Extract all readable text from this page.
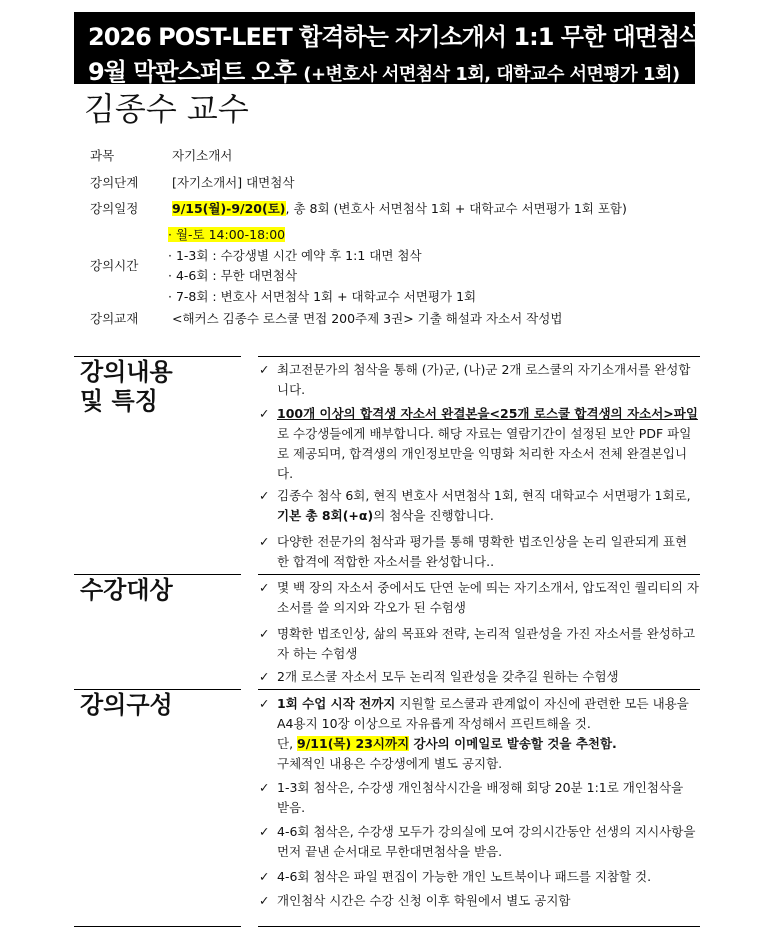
2026 POST-LEET 합격하는 자기소개서 1:1 무한 대면첨삭
9월 막판스퍼트 오후 (+변호사 서면첨삭 1회, 대학교수 서면평가 1회)
김종수 교수
과목	자기소개서
강의단계	[자기소개서] 대면첨삭
강의일정	9/15(월)-9/20(토), 총 8회 (변호사 서면첨삭 1회 + 대학교수 서면평가 1회 포함)
강의시간
· 월-토 14:00-18:00
· 1-3회 : 수강생별 시간 예약 후 1:1 대면 첨삭
· 4-6회 : 무한 대면첨삭
· 7-8회 : 변호사 서면첨삭 1회 + 대학교수 서면평가 1회
강의교재	<해커스 김종수 로스쿨 면접 200주제 3권> 기출 해설과 자소서 작성법
강의내용
및 특징
✓ 최고전문가의 첨삭을 통해 (가)군, (나)군 2개 로스쿨의 자기소개서를 완성합니다.
✓ 100개 이상의 합격생 자소서 완결본을<25개 로스쿨 합격생의 자소서>파일로 수강생들에게 배부합니다. 해당 자료는 열람기간이 설정된 보안 PDF 파일로 제공되며, 합격생의 개인정보만을 익명화 처리한 자소서 전체 완결본입니다.
✓ 김종수 첨삭 6회, 현직 변호사 서면첨삭 1회, 현직 대학교수 서면평가 1회로, 기본 총 8회(+α)의 첨삭을 진행합니다.
✓ 다양한 전문가의 첨삭과 평가를 통해 명확한 법조인상을 논리 일관되게 표현한 합격에 적합한 자소서를 완성합니다..
수강대상	✓ 몇 백 장의 자소서 중에서도 단연 눈에 띄는 자기소개서, 압도적인 퀄리티의 자소서를 쓸 의지와 각오가 된 수험생
✓ 명확한 법조인상, 삶의 목표와 전략, 논리적 일관성을 가진 자소서를 완성하고자 하는 수험생
✓ 2개 로스쿨 자소서 모두 논리적 일관성을 갖추길 원하는 수험생
강의구성	✓ 1회 수업 시작 전까지 지원할 로스쿨과 관계없이 자신에 관련한 모든 내용을 A4용지 10장 이상으로 자유롭게 작성해서 프린트해올 것.
단, 9/11(목) 23시까지 강사의 이메일로 발송할 것을 추천함.
구체적인 내용은 수강생에게 별도 공지함.
✓ 1-3회 첨삭은, 수강생 개인첨삭시간을 배정해 회당 20분 1:1로 개인첨삭을 받음.
✓ 4-6회 첨삭은, 수강생 모두가 강의실에 모여 강의시간동안 선생의 지시사항을 먼저 끝낸 순서대로 무한대면첨삭을 받음.
✓ 4-6회 첨삭은 파일 편집이 가능한 개인 노트북이나 패드를 지참할 것.
✓ 개인첨삭 시간은 수강 신청 이후 학원에서 별도 공지함
